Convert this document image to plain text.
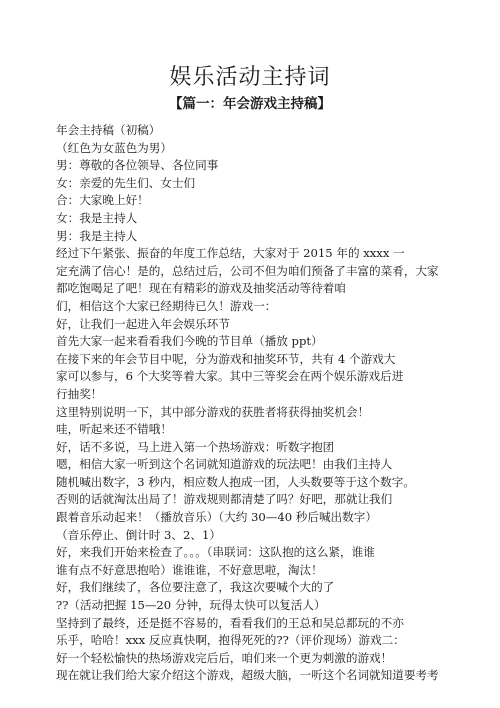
娱乐活动主持词
【篇一：年会游戏主持稿】
年会主持稿（初稿）
（红色为女蓝色为男）
男：尊敬的各位领导、各位同事
女：亲爱的先生们、女士们
合：大家晚上好！
女：我是主持人
男：我是主持人
经过下午紧张、振奋的年度工作总结，大家对于 2015 年的 xxxx 一
定充满了信心！是的，总结过后，公司不但为咱们预备了丰富的菜肴，大家
都吃饱喝足了吧！现在有精彩的游戏及抽奖活动等待着咱
们，相信这个大家已经期待已久！游戏一：
好，让我们一起进入年会娱乐环节
首先大家一起来看看我们今晚的节目单（播放 ppt）
在接下来的年会节目中呢，分为游戏和抽奖环节，共有 4 个游戏大
家可以参与，6 个大奖等着大家。其中三等奖会在两个娱乐游戏后进
行抽奖！
这里特别说明一下，其中部分游戏的获胜者将获得抽奖机会！
哇，听起来还不错哦！
好，话不多说，马上进入第一个热场游戏：听数字抱团
嗯，相信大家一听到这个名词就知道游戏的玩法吧！由我们主持人
随机喊出数字，3 秒内，相应数人抱成一团，人头数要等于这个数字。
否则的话就淘汰出局了！游戏规则都清楚了吗？好吧，那就让我们
跟着音乐动起来！（播放音乐）（大约 30—40 秒后喊出数字）
（音乐停止、倒计时 3、2、1）
好，来我们开始来检查了。。。（串联词：这队抱的这么紧，谁谁
谁有点不好意思抱哈）谁谁谁，不好意思啦，淘汰！
好，我们继续了，各位要注意了，我这次要喊个大的了
??（活动把握 15—20 分钟，玩得太快可以复活人）
坚持到了最终，还是挺不容易的，看看我们的王总和吴总都玩的不亦
乐乎，哈哈！xxx 反应真快啊，抱得死死的??（评价现场）游戏二：
好一个轻松愉快的热场游戏完后后，咱们来一个更为刺激的游戏！
现在就让我们给大家介绍这个游戏，超级大脑，一听这个名词就知道要考考
